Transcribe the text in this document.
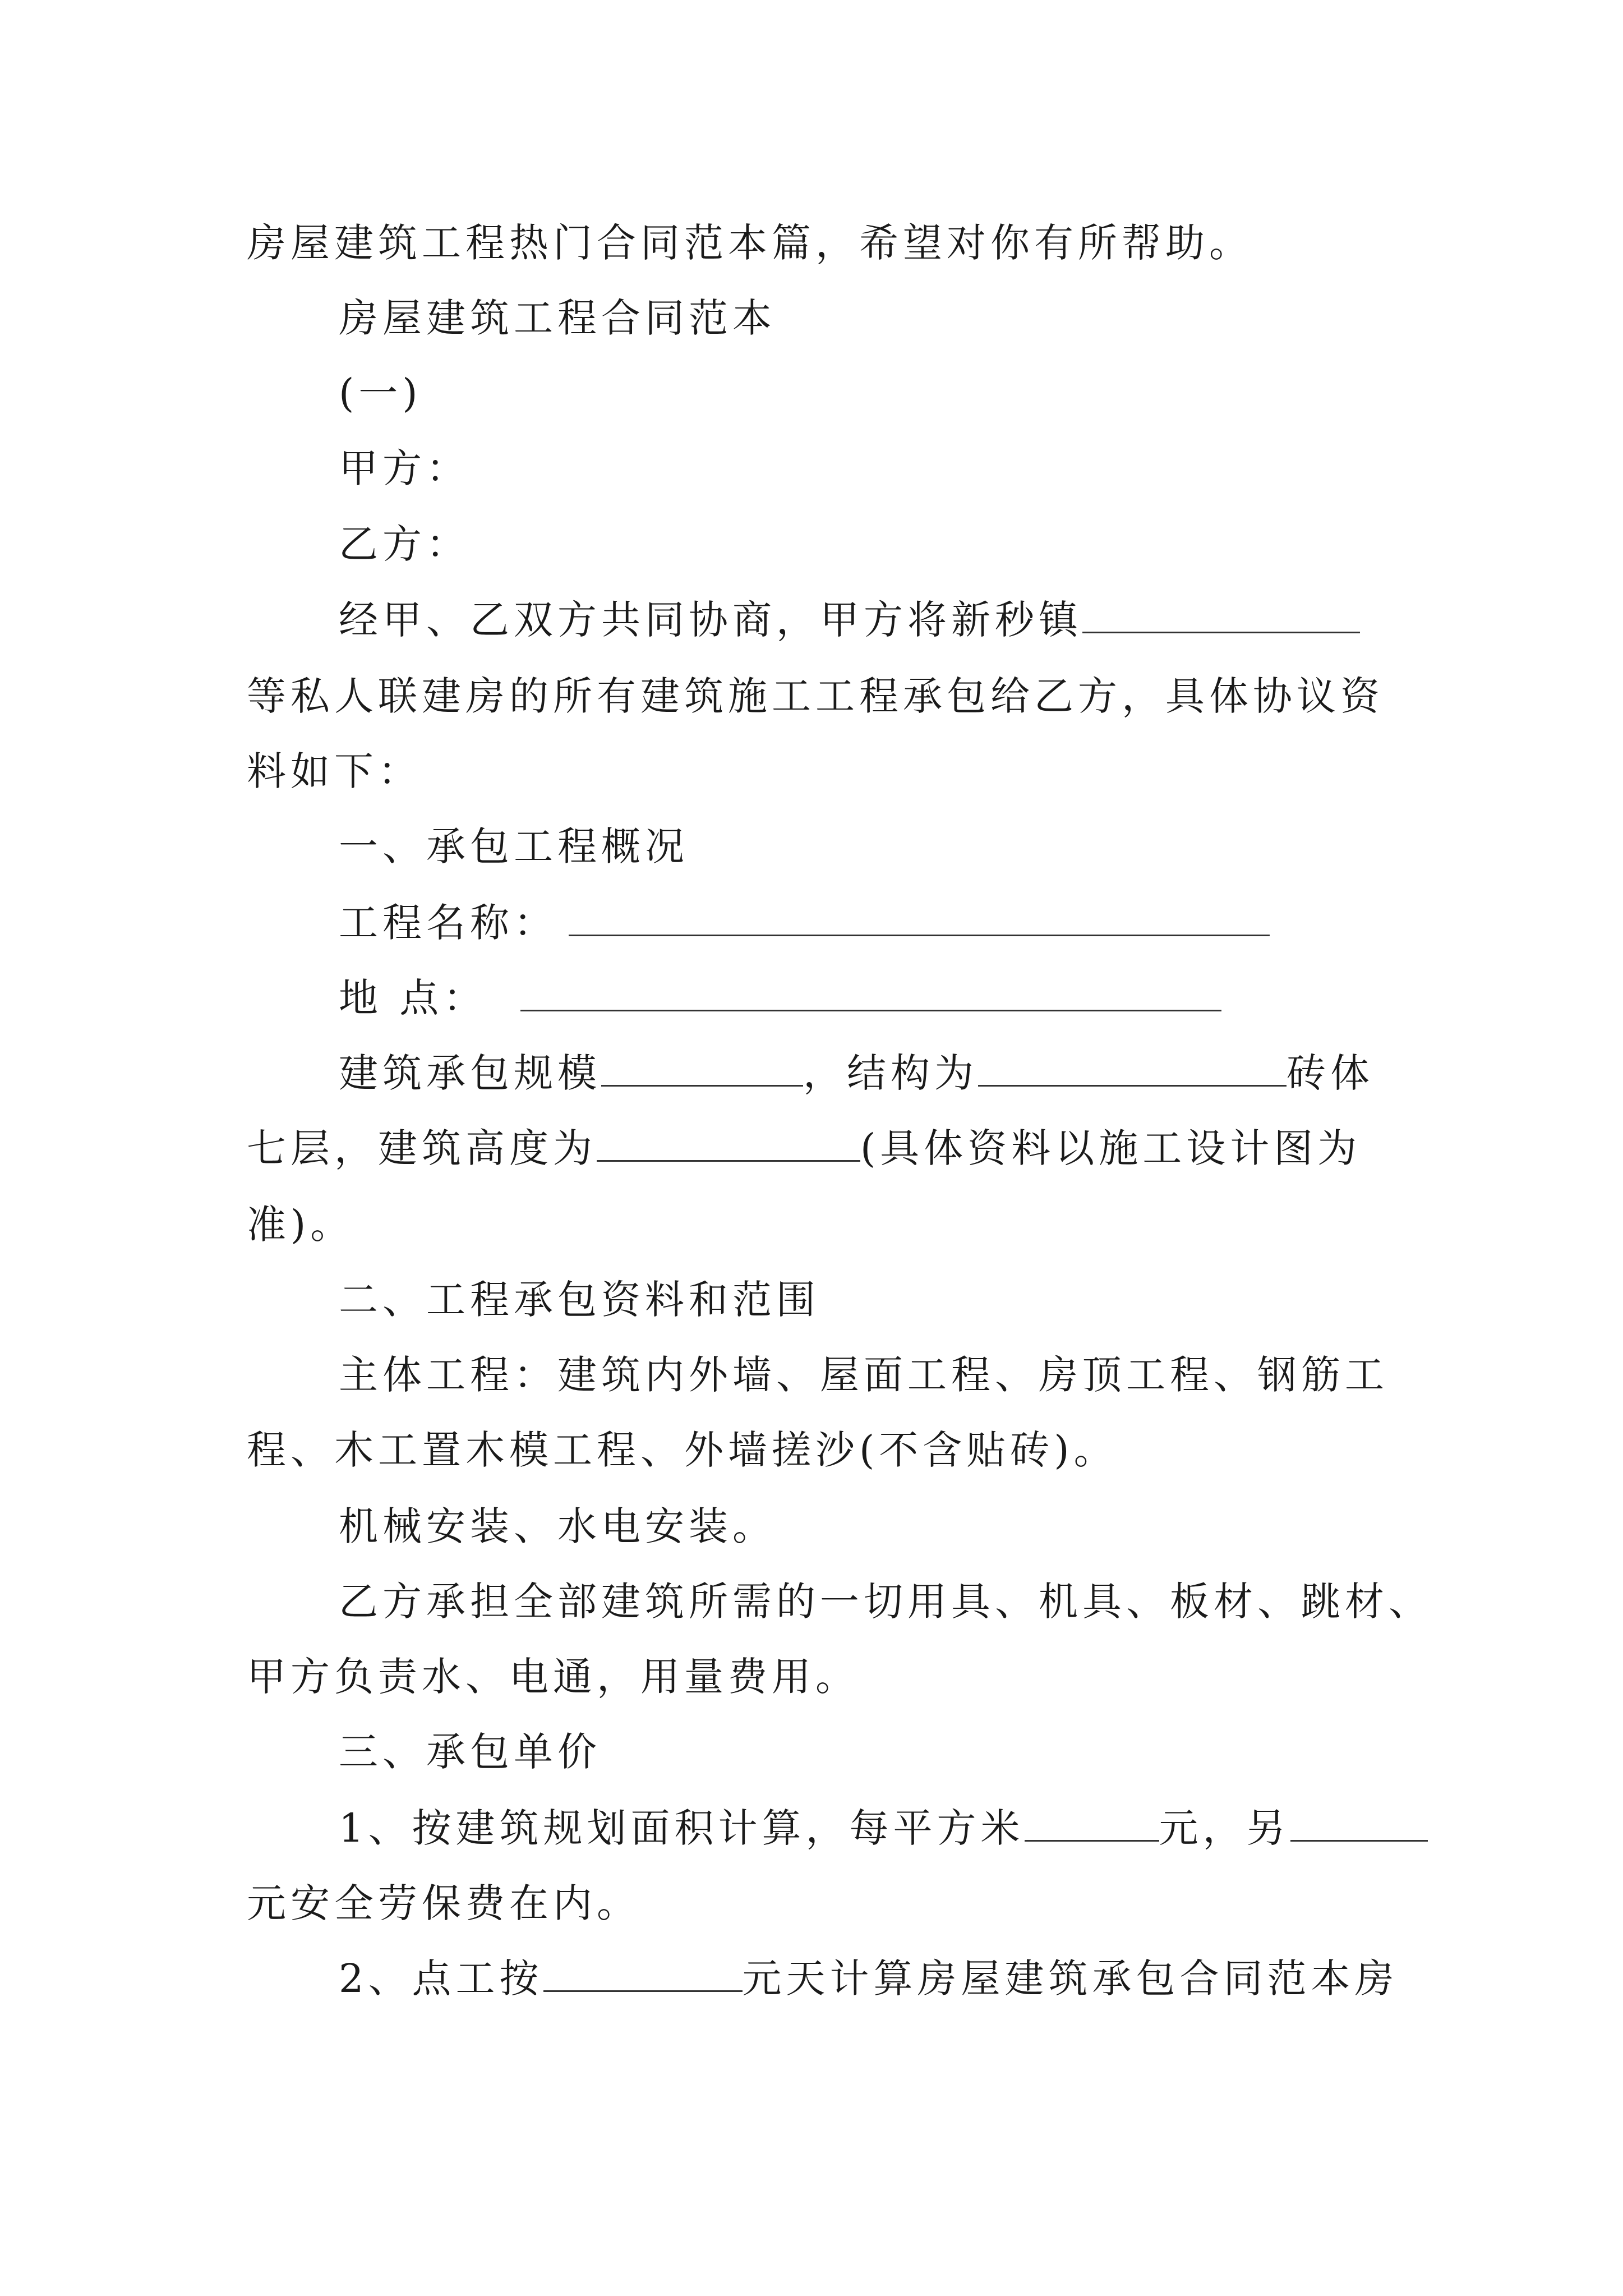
房屋建筑工程热门合同范本篇，希望对你有所帮助。
房屋建筑工程合同范本
(一)
甲方：
乙方：
经甲、乙双方共同协商，甲方将新秒镇
等私人联建房的所有建筑施工工程承包给乙方，具体协议资
料如下：
一、承包工程概况
工程名称：
地 点：
建筑承包规模	，结构为	砖体
七层，建筑高度为	(具体资料以施工设计图为
准)。
二、工程承包资料和范围
主体工程：建筑内外墙、屋面工程、房顶工程、钢筋工
程、木工置木模工程、外墙搓沙(不含贴砖)。
机械安装、水电安装。
乙方承担全部建筑所需的一切用具、机具、板材、跳材、
甲方负责水、电通，用量费用。
三、承包单价
1、按建筑规划面积计算，每平方米	元，另
元安全劳保费在内。
2、点工按	元天计算房屋建筑承包合同范本房
